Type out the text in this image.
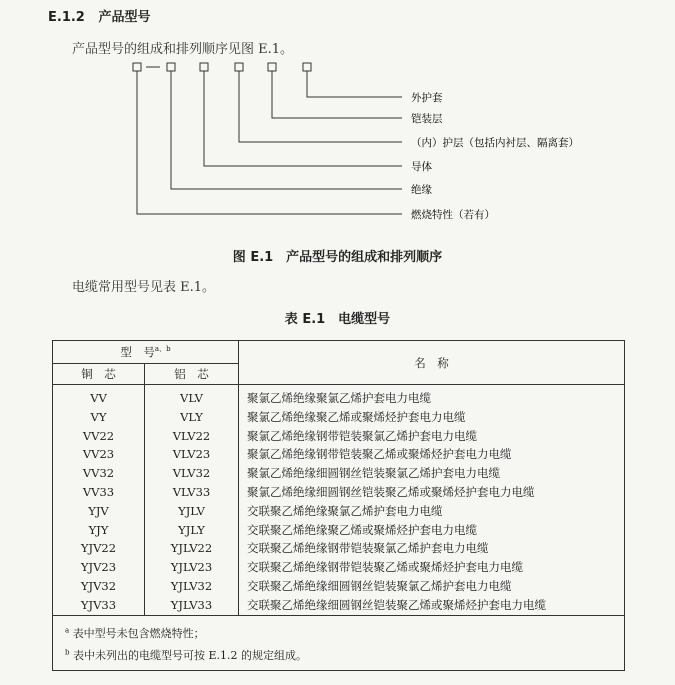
E.1.2 产品型号
产品型号的组成和排列顺序见图 E.1。
外护套
铠装层
（内）护层（包括内衬层、隔离套）
导体
绝缘
燃烧特性（若有）
图 E.1　产品型号的组成和排列顺序
电缆常用型号见表 E.1。
表 E.1　电缆型号
型　号$^{a、b}$		名　称
铜　芯	铝　芯	
VV	VLV	聚氯乙烯绝缘聚氯乙烯护套电力电缆
VY	VLY	聚氯乙烯绝缘聚乙烯或聚烯烃护套电力电缆
VV22	VLV22	聚氯乙烯绝缘钢带铠装聚氯乙烯护套电力电缆
VV23	VLV23	聚氯乙烯绝缘钢带铠装聚乙烯或聚烯烃护套电力电缆
VV32	VLV32	聚氯乙烯绝缘细圆钢丝铠装聚氯乙烯护套电力电缆
VV33	VLV33	聚氯乙烯绝缘细圆钢丝铠装聚乙烯或聚烯烃护套电力电缆
YJV	YJLV	交联聚乙烯绝缘聚氯乙烯护套电力电缆
YJY	YJLY	交联聚乙烯绝缘聚乙烯或聚烯烃护套电力电缆
YJV22	YJLV22	交联聚乙烯绝缘钢带铠装聚氯乙烯护套电力电缆
YJV23	YJLV23	交联聚乙烯绝缘钢带铠装聚乙烯或聚烯烃护套电力电缆
YJV32	YJLV32	交联聚乙烯绝缘细圆钢丝铠装聚氯乙烯护套电力电缆
YJV33	YJLV33	交联聚乙烯绝缘细圆钢丝铠装聚乙烯或聚烯烃护套电力电缆
$^a$ 表中型号未包含燃烧特性；		
$^b$ 表中未列出的电缆型号可按 E.1.2 的规定组成。		
